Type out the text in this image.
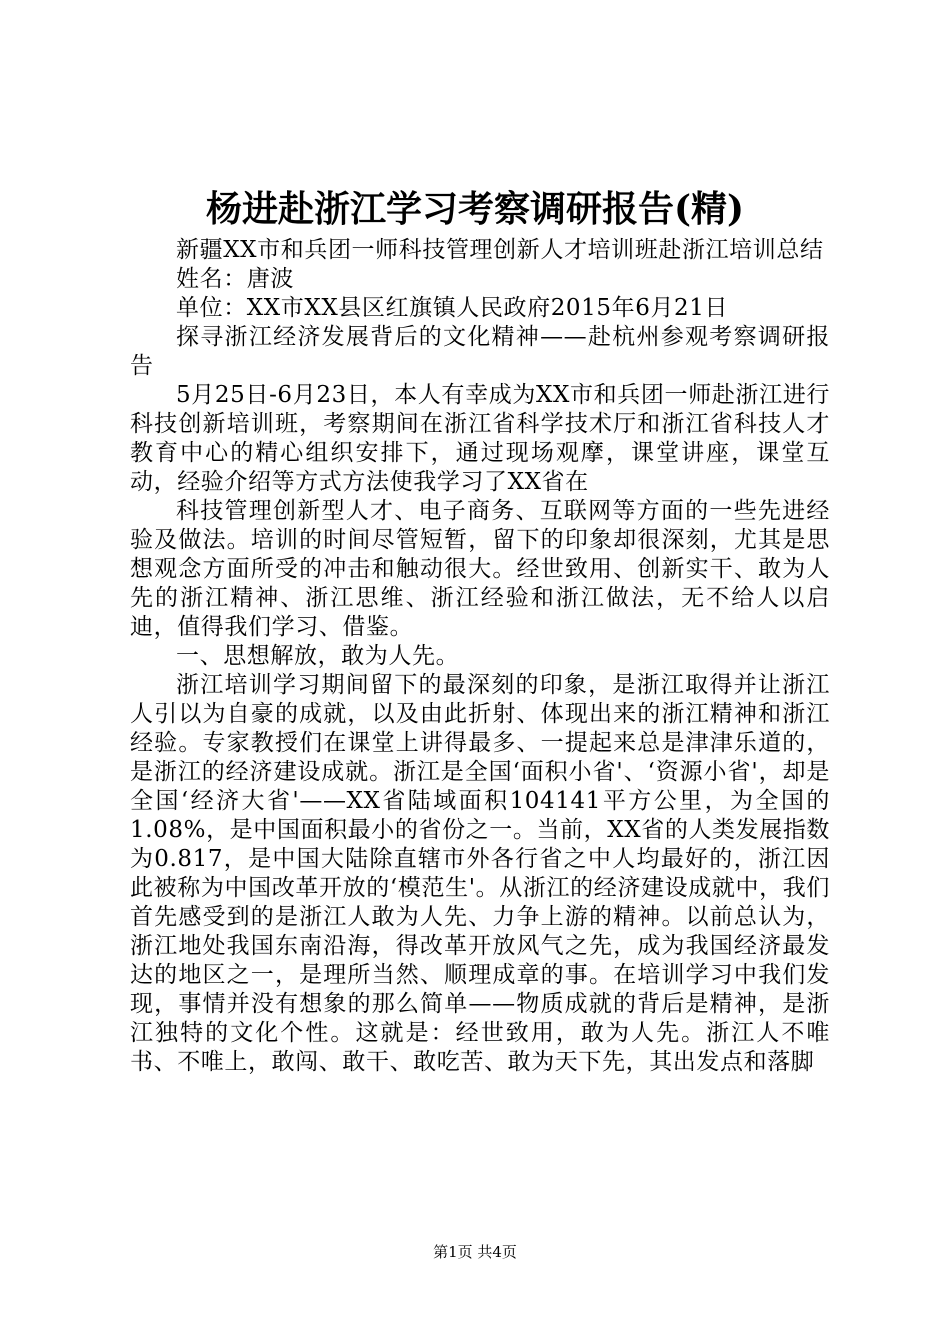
杨进赴浙江学习考察调研报告(精)

新疆XX市和兵团一师科技管理创新人才培训班赴浙江培训总结

姓名：唐波

单位：XX市XX县区红旗镇人民政府2015年6月21日

探寻浙江经济发展背后的文化精神——赴杭州参观考察调研报告

5月25日-6月23日，本人有幸成为XX市和兵团一师赴浙江进行科技创新培训班，考察期间在浙江省科学技术厅和浙江省科技人才教育中心的精心组织安排下，通过现场观摩，课堂讲座，课堂互动，经验介绍等方式方法使我学习了XX省在

科技管理创新型人才、电子商务、互联网等方面的一些先进经验及做法。培训的时间尽管短暂，留下的印象却很深刻，尤其是思想观念方面所受的冲击和触动很大。经世致用、创新实干、敢为人先的浙江精神、浙江思维、浙江经验和浙江做法，无不给人以启迪，值得我们学习、借鉴。

一、思想解放，敢为人先。

浙江培训学习期间留下的最深刻的印象，是浙江取得并让浙江人引以为自豪的成就，以及由此折射、体现出来的浙江精神和浙江经验。专家教授们在课堂上讲得最多、一提起来总是津津乐道的，是浙江的经济建设成就。浙江是全国‘面积小省'、‘资源小省'，却是全国‘经济大省'——XX省陆域面积104141平方公里，为全国的1.08%，是中国面积最小的省份之一。当前，XX省的人类发展指数为0.817，是中国大陆除直辖市外各行省之中人均最好的，浙江因此被称为中国改革开放的‘模范生'。从浙江的经济建设成就中，我们首先感受到的是浙江人敢为人先、力争上游的精神。以前总认为，浙江地处我国东南沿海，得改革开放风气之先，成为我国经济最发达的地区之一，是理所当然、顺理成章的事。在培训学习中我们发现，事情并没有想象的那么简单——物质成就的背后是精神，是浙江独特的文化个性。这就是：经世致用，敢为人先。浙江人不唯书、不唯上，敢闯、敢干、敢吃苦、敢为天下先，其出发点和落脚

第1页 共4页
